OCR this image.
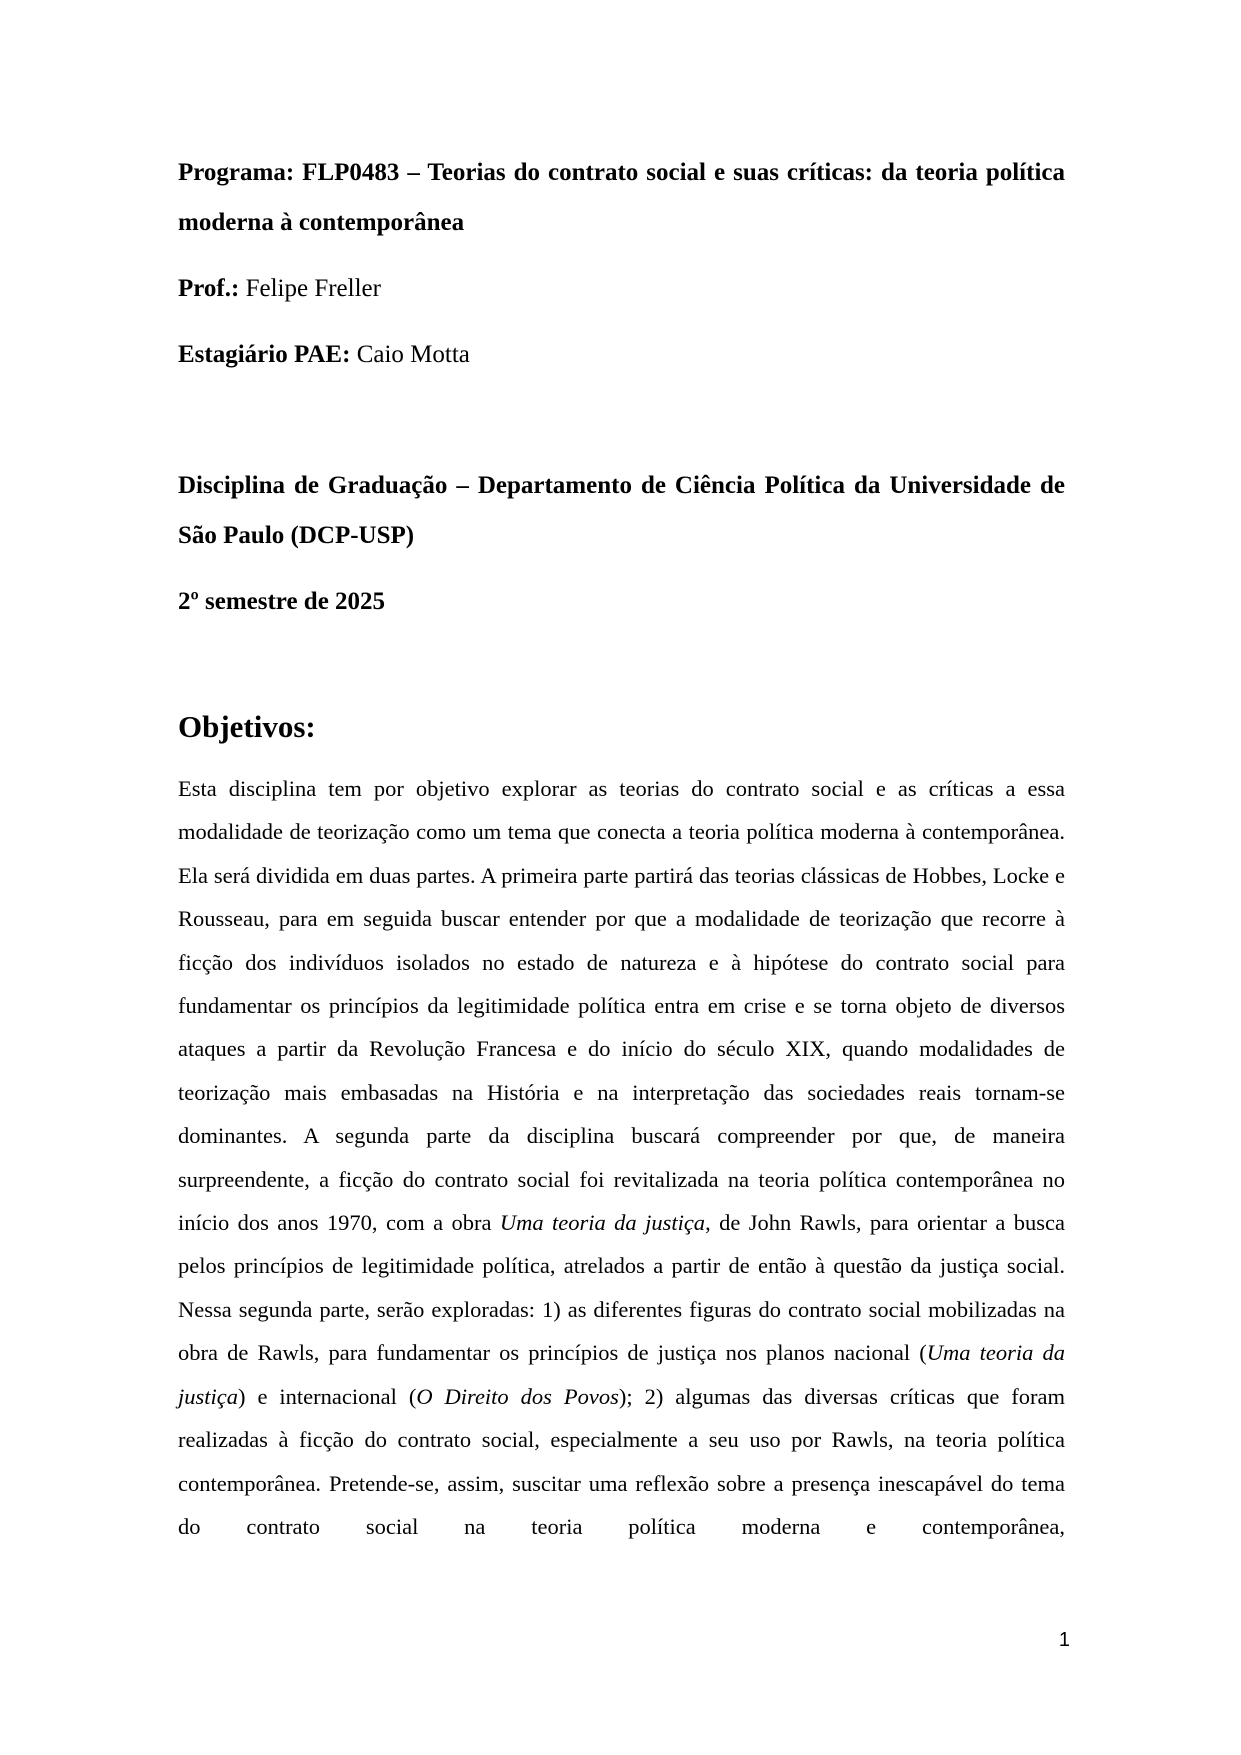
Programa: FLP0483 – Teorias do contrato social e suas críticas: da teoria política moderna à contemporânea

Prof.: Felipe Freller

Estagiário PAE: Caio Motta

Disciplina de Graduação – Departamento de Ciência Política da Universidade de São Paulo (DCP-USP)

2º semestre de 2025

Objetivos:

Esta disciplina tem por objetivo explorar as teorias do contrato social e as críticas a essa modalidade de teorização como um tema que conecta a teoria política moderna à contemporânea. Ela será dividida em duas partes. A primeira parte partirá das teorias clássicas de Hobbes, Locke e Rousseau, para em seguida buscar entender por que a modalidade de teorização que recorre à ficção dos indivíduos isolados no estado de natureza e à hipótese do contrato social para fundamentar os princípios da legitimidade política entra em crise e se torna objeto de diversos ataques a partir da Revolução Francesa e do início do século XIX, quando modalidades de teorização mais embasadas na História e na interpretação das sociedades reais tornam-se dominantes. A segunda parte da disciplina buscará compreender por que, de maneira surpreendente, a ficção do contrato social foi revitalizada na teoria política contemporânea no início dos anos 1970, com a obra Uma teoria da justiça, de John Rawls, para orientar a busca pelos princípios de legitimidade política, atrelados a partir de então à questão da justiça social. Nessa segunda parte, serão exploradas: 1) as diferentes figuras do contrato social mobilizadas na obra de Rawls, para fundamentar os princípios de justiça nos planos nacional (Uma teoria da justiça) e internacional (O Direito dos Povos); 2) algumas das diversas críticas que foram realizadas à ficção do contrato social, especialmente a seu uso por Rawls, na teoria política contemporânea. Pretende-se, assim, suscitar uma reflexão sobre a presença inescapável do tema do contrato social na teoria política moderna e contemporânea,

1
